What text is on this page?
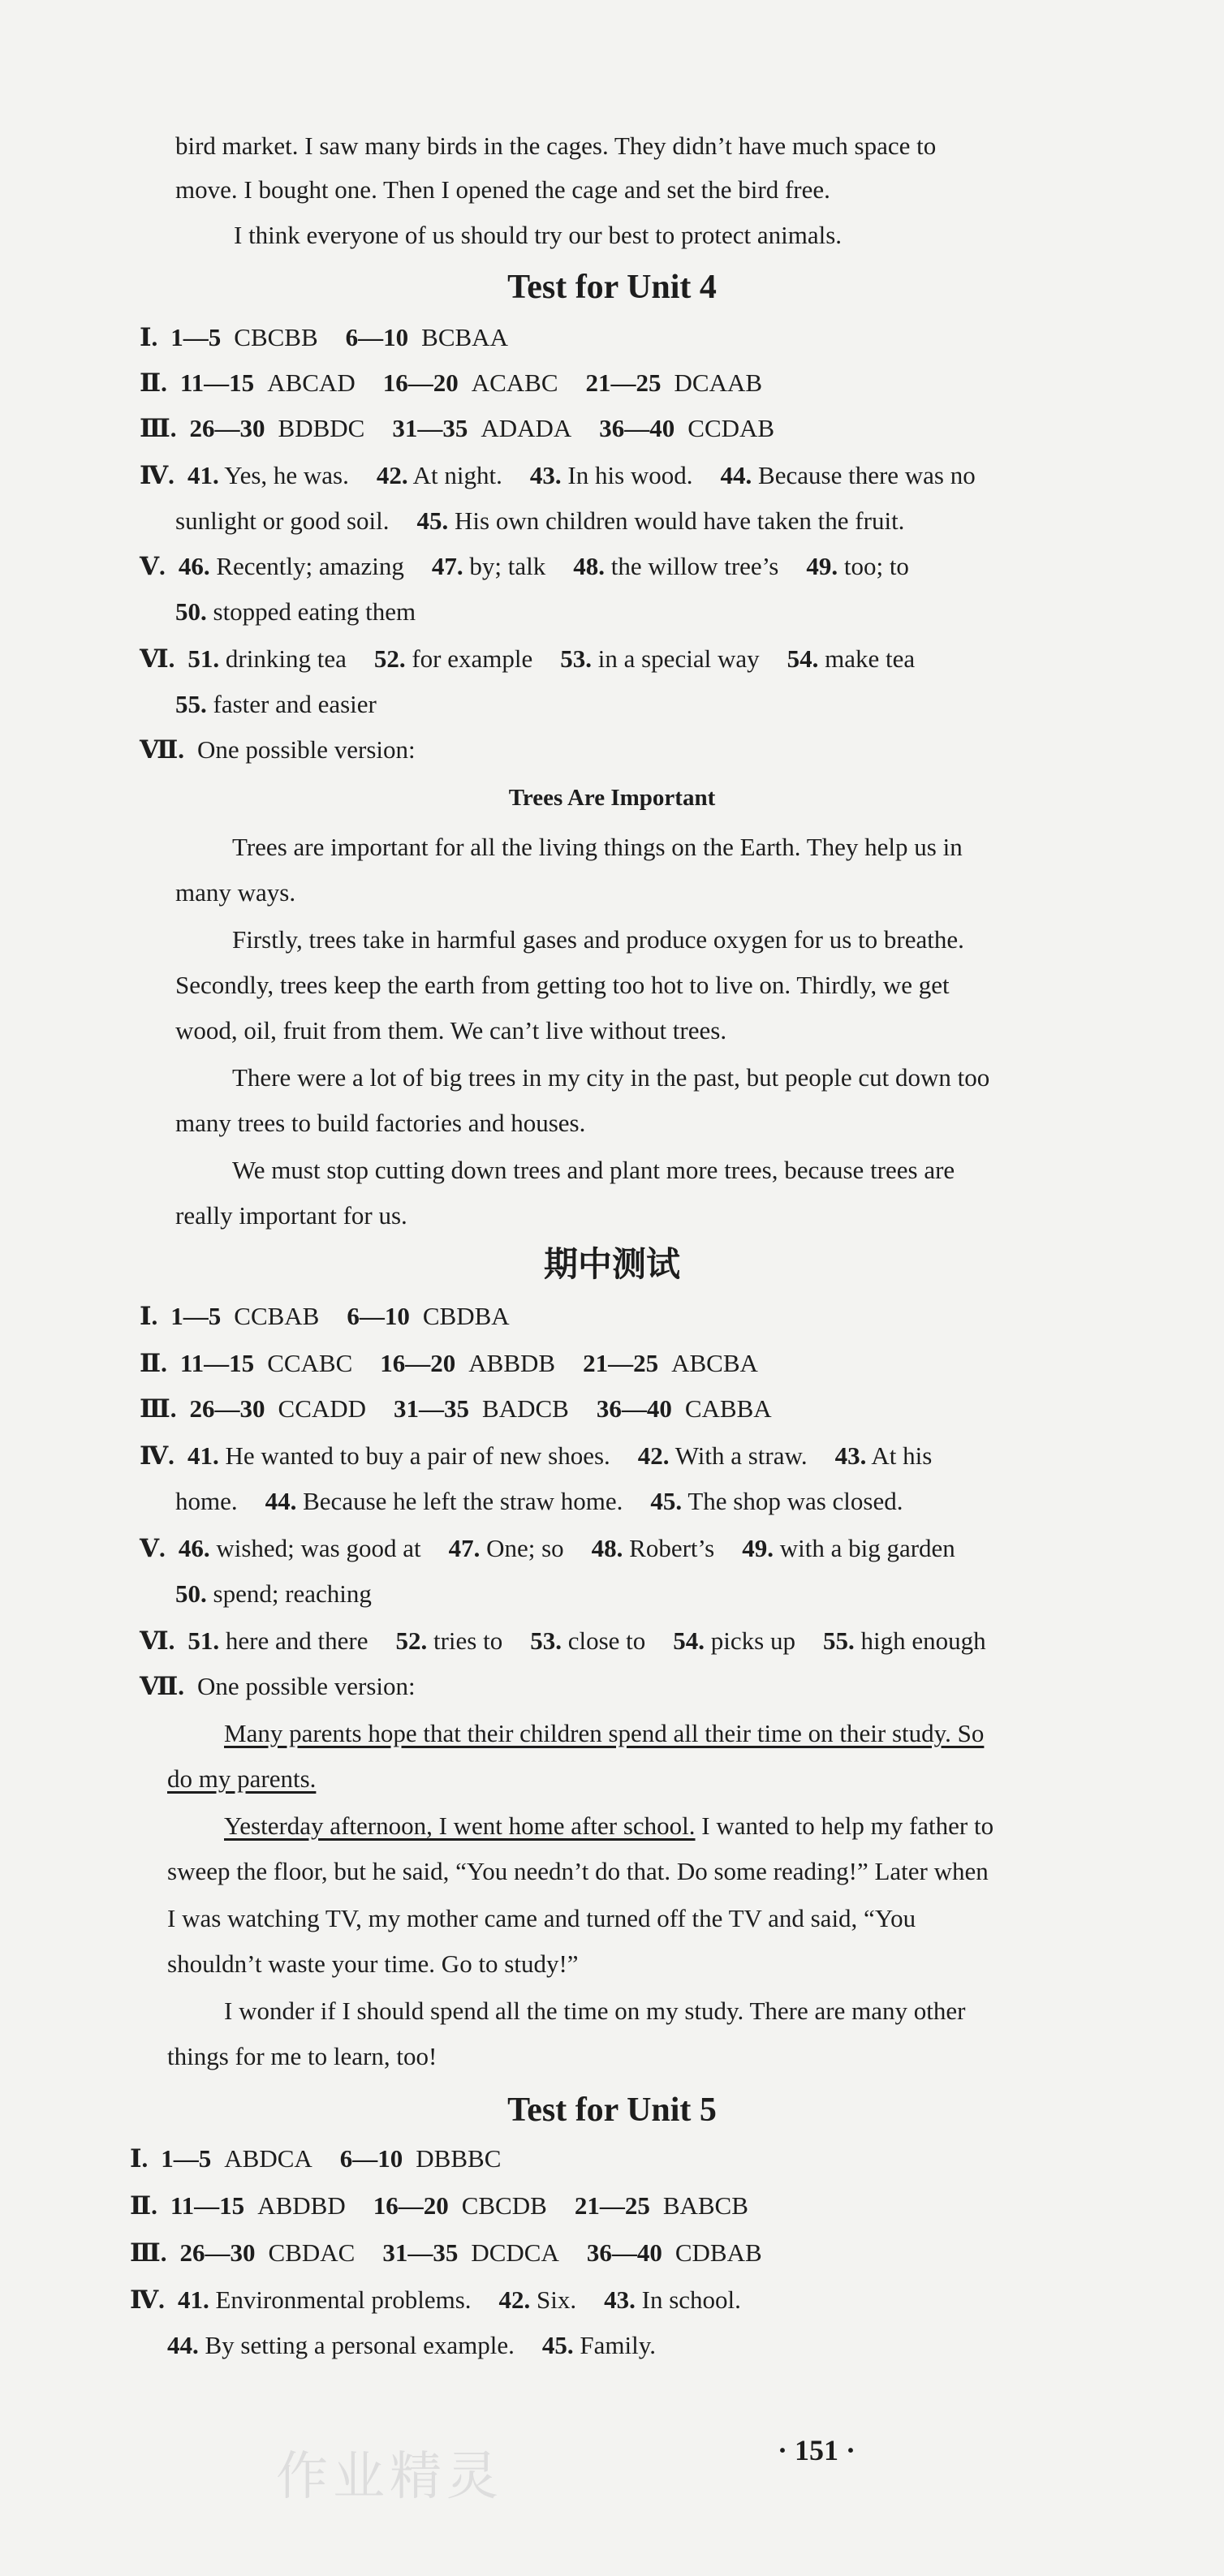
bird market. I saw many birds in the cages. They didn’t have much space to
move. I bought one. Then I opened the cage and set the bird free.
I think everyone of us should try our best to protect animals.
Test for Unit 4
Ⅰ. 1—5 CBCBB 6—10 BCBAA
Ⅱ. 11—15 ABCAD 16—20 ACABC 21—25 DCAAB
Ⅲ. 26—30 BDBDC 31—35 ADADA 36—40 CCDAB
Ⅳ. 41. Yes, he was. 42. At night. 43. In his wood. 44. Because there was no
sunlight or good soil. 45. His own children would have taken the fruit.
Ⅴ. 46. Recently; amazing 47. by; talk 48. the willow tree’s 49. too; to
50. stopped eating them
Ⅵ. 51. drinking tea 52. for example 53. in a special way 54. make tea
55. faster and easier
Ⅶ. One possible version:
Trees Are Important
Trees are important for all the living things on the Earth. They help us in
many ways.
Firstly, trees take in harmful gases and produce oxygen for us to breathe.
Secondly, trees keep the earth from getting too hot to live on. Thirdly, we get
wood, oil, fruit from them. We can’t live without trees.
There were a lot of big trees in my city in the past, but people cut down too
many trees to build factories and houses.
We must stop cutting down trees and plant more trees, because trees are
really important for us.
期中测试
Ⅰ. 1—5 CCBAB 6—10 CBDBA
Ⅱ. 11—15 CCABC 16—20 ABBDB 21—25 ABCBA
Ⅲ. 26—30 CCADD 31—35 BADCB 36—40 CABBA
Ⅳ. 41. He wanted to buy a pair of new shoes. 42. With a straw. 43. At his
home. 44. Because he left the straw home. 45. The shop was closed.
Ⅴ. 46. wished; was good at 47. One; so 48. Robert’s 49. with a big garden
50. spend; reaching
Ⅵ. 51. here and there 52. tries to 53. close to 54. picks up 55. high enough
Ⅶ. One possible version:
Many parents hope that their children spend all their time on their study. So
do my parents.
Yesterday afternoon, I went home after school. I wanted to help my father to
sweep the floor, but he said, “You needn’t do that. Do some reading!” Later when
I was watching TV, my mother came and turned off the TV and said, “You
shouldn’t waste your time. Go to study!”
I wonder if I should spend all the time on my study. There are many other
things for me to learn, too!
Test for Unit 5
Ⅰ. 1—5 ABDCA 6—10 DBBBC
Ⅱ. 11—15 ABDBD 16—20 CBCDB 21—25 BABCB
Ⅲ. 26—30 CBDAC 31—35 DCDCA 36—40 CDBAB
Ⅳ. 41. Environmental problems. 42. Six. 43. In school.
44. By setting a personal example. 45. Family.
作业精灵	· 151 ·
